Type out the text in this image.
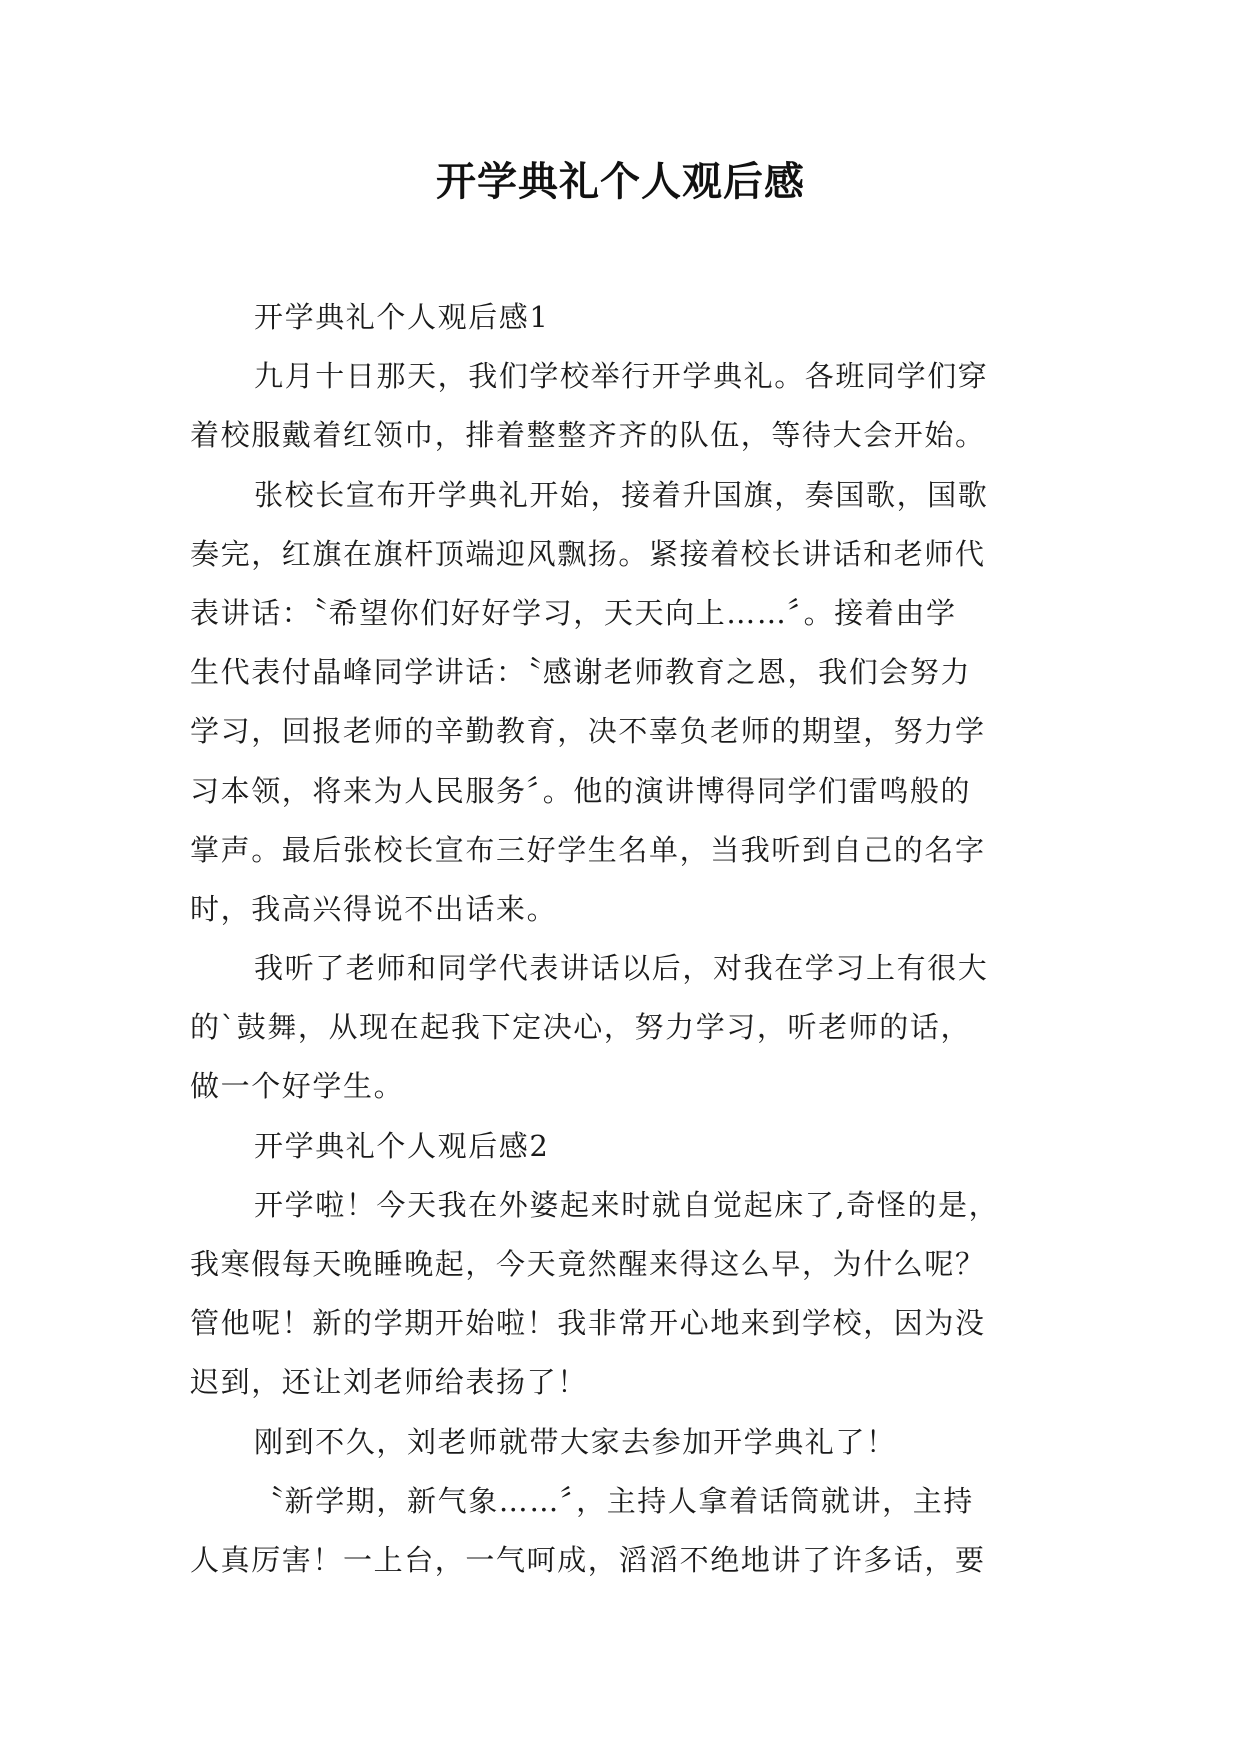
开学典礼个人观后感
开学典礼个人观后感1
九月十日那天，我们学校举行开学典礼。各班同学们穿
着校服戴着红领巾，排着整整齐齐的队伍，等待大会开始。
张校长宣布开学典礼开始，接着升国旗，奏国歌，国歌
奏完，红旗在旗杆顶端迎风飘扬。紧接着校长讲话和老师代
表讲话：〝希望你们好好学习，天天向上……〞。接着由学
生代表付晶峰同学讲话：〝感谢老师教育之恩，我们会努力
学习，回报老师的辛勤教育，决不辜负老师的期望，努力学
习本领，将来为人民服务〞。他的演讲博得同学们雷鸣般的
掌声。最后张校长宣布三好学生名单，当我听到自己的名字
时，我高兴得说不出话来。
我听了老师和同学代表讲话以后，对我在学习上有很大
的`鼓舞，从现在起我下定决心，努力学习，听老师的话，
做一个好学生。
开学典礼个人观后感2
开学啦！今天我在外婆起来时就自觉起床了,奇怪的是，
我寒假每天晚睡晚起，今天竟然醒来得这么早，为什么呢？
管他呢！新的学期开始啦！我非常开心地来到学校，因为没
迟到，还让刘老师给表扬了！
刚到不久，刘老师就带大家去参加开学典礼了！
〝新学期，新气象……〞，主持人拿着话筒就讲，主持
人真厉害！一上台，一气呵成，滔滔不绝地讲了许多话，要
